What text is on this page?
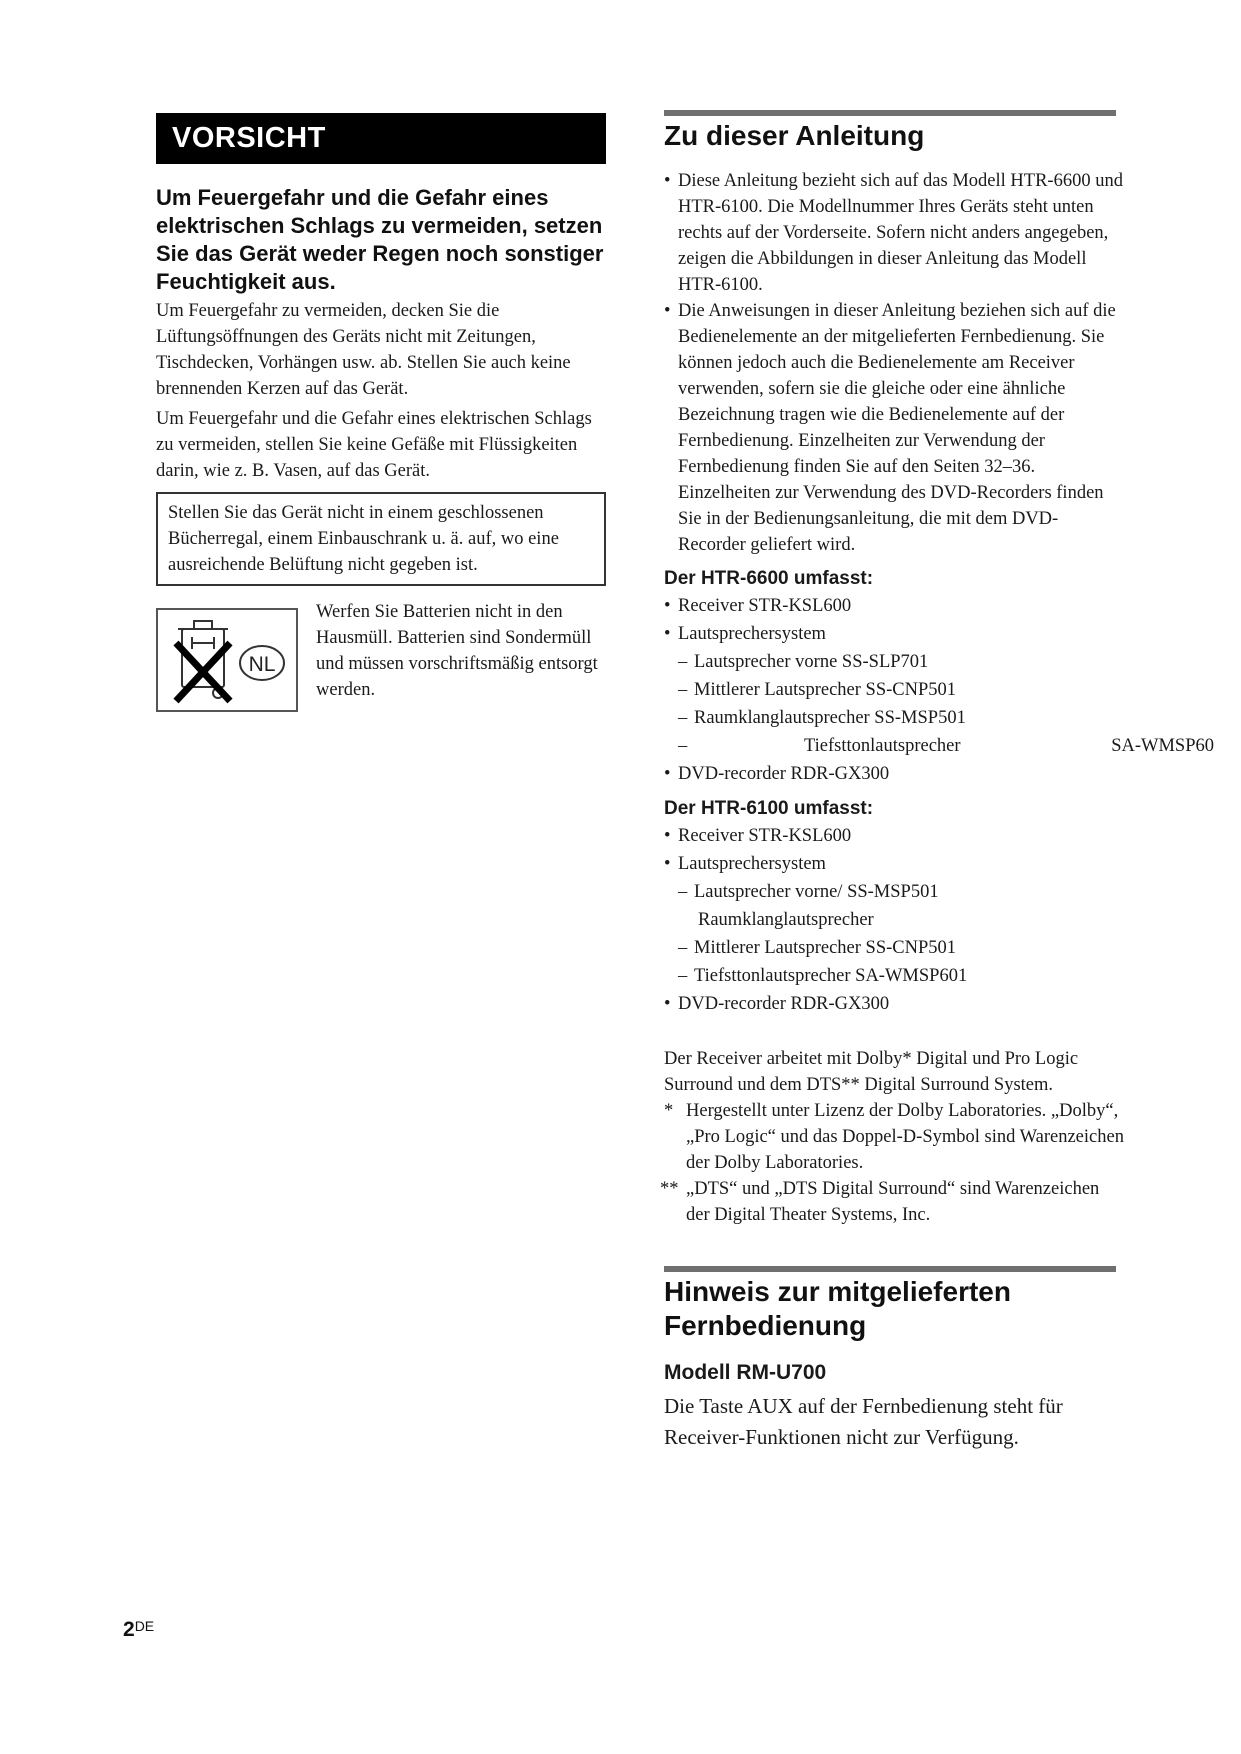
VORSICHT
Um Feuergefahr und die Gefahr eines elektrischen Schlags zu vermeiden, setzen Sie das Gerät weder Regen noch sonstiger Feuchtigkeit aus.

Um Feuergefahr zu vermeiden, decken Sie die Lüftungsöffnungen des Geräts nicht mit Zeitungen, Tischdecken, Vorhängen usw. ab. Stellen Sie auch keine brennenden Kerzen auf das Gerät.

Um Feuergefahr und die Gefahr eines elektrischen Schlags zu vermeiden, stellen Sie keine Gefäße mit Flüssigkeiten darin, wie z. B. Vasen, auf das Gerät.

Stellen Sie das Gerät nicht in einem geschlossenen Bücherregal, einem Einbauschrank u. ä. auf, wo eine ausreichende Belüftung nicht gegeben ist.
NL
Werfen Sie Batterien nicht in den Hausmüll. Batterien sind Sondermüll und müssen vorschriftsmäßig entsorgt werden.
Zu dieser Anleitung
• Diese Anleitung bezieht sich auf das Modell HTR-6600 und HTR-6100. Die Modellnummer Ihres Geräts steht unten rechts auf der Vorderseite. Sofern nicht anders angegeben, zeigen die Abbildungen in dieser Anleitung das Modell HTR-6100.
• Die Anweisungen in dieser Anleitung beziehen sich auf die Bedienelemente an der mitgelieferten Fernbedienung. Sie können jedoch auch die Bedienelemente am Receiver verwenden, sofern sie die gleiche oder eine ähnliche Bezeichnung tragen wie die Bedienelemente auf der Fernbedienung. Einzelheiten zur Verwendung der Fernbedienung finden Sie auf den Seiten 32–36. Einzelheiten zur Verwendung des DVD-Recorders finden Sie in der Bedienungsanleitung, die mit dem DVD-Recorder geliefert wird.
Der HTR-6600 umfasst:
• Receiver STR-KSL600
• Lautsprechersystem
– Lautsprecher vorne SS-SLP701
– Mittlerer Lautsprecher SS-CNP501
– Raumklanglautsprecher SS-MSP501
– Tiefsttonlautsprecher	SA-WMSP60
• DVD-recorder RDR-GX300
Der HTR-6100 umfasst:
• Receiver STR-KSL600
• Lautsprechersystem
– Lautsprecher vorne/ SS-MSP501
Raumklanglautsprecher
– Mittlerer Lautsprecher SS-CNP501
– Tiefsttonlautsprecher SA-WMSP601
• DVD-recorder RDR-GX300
Der Receiver arbeitet mit Dolby* Digital und Pro Logic Surround und dem DTS** Digital Surround System.
* Hergestellt unter Lizenz der Dolby Laboratories. „Dolby“, „Pro Logic“ und das Doppel-D-Symbol sind Warenzeichen der Dolby Laboratories.
** „DTS“ und „DTS Digital Surround“ sind Warenzeichen der Digital Theater Systems, Inc.
Hinweis zur mitgelieferten Fernbedienung
Modell RM-U700
Die Taste AUX auf der Fernbedienung steht für Receiver-Funktionen nicht zur Verfügung.
2DE
